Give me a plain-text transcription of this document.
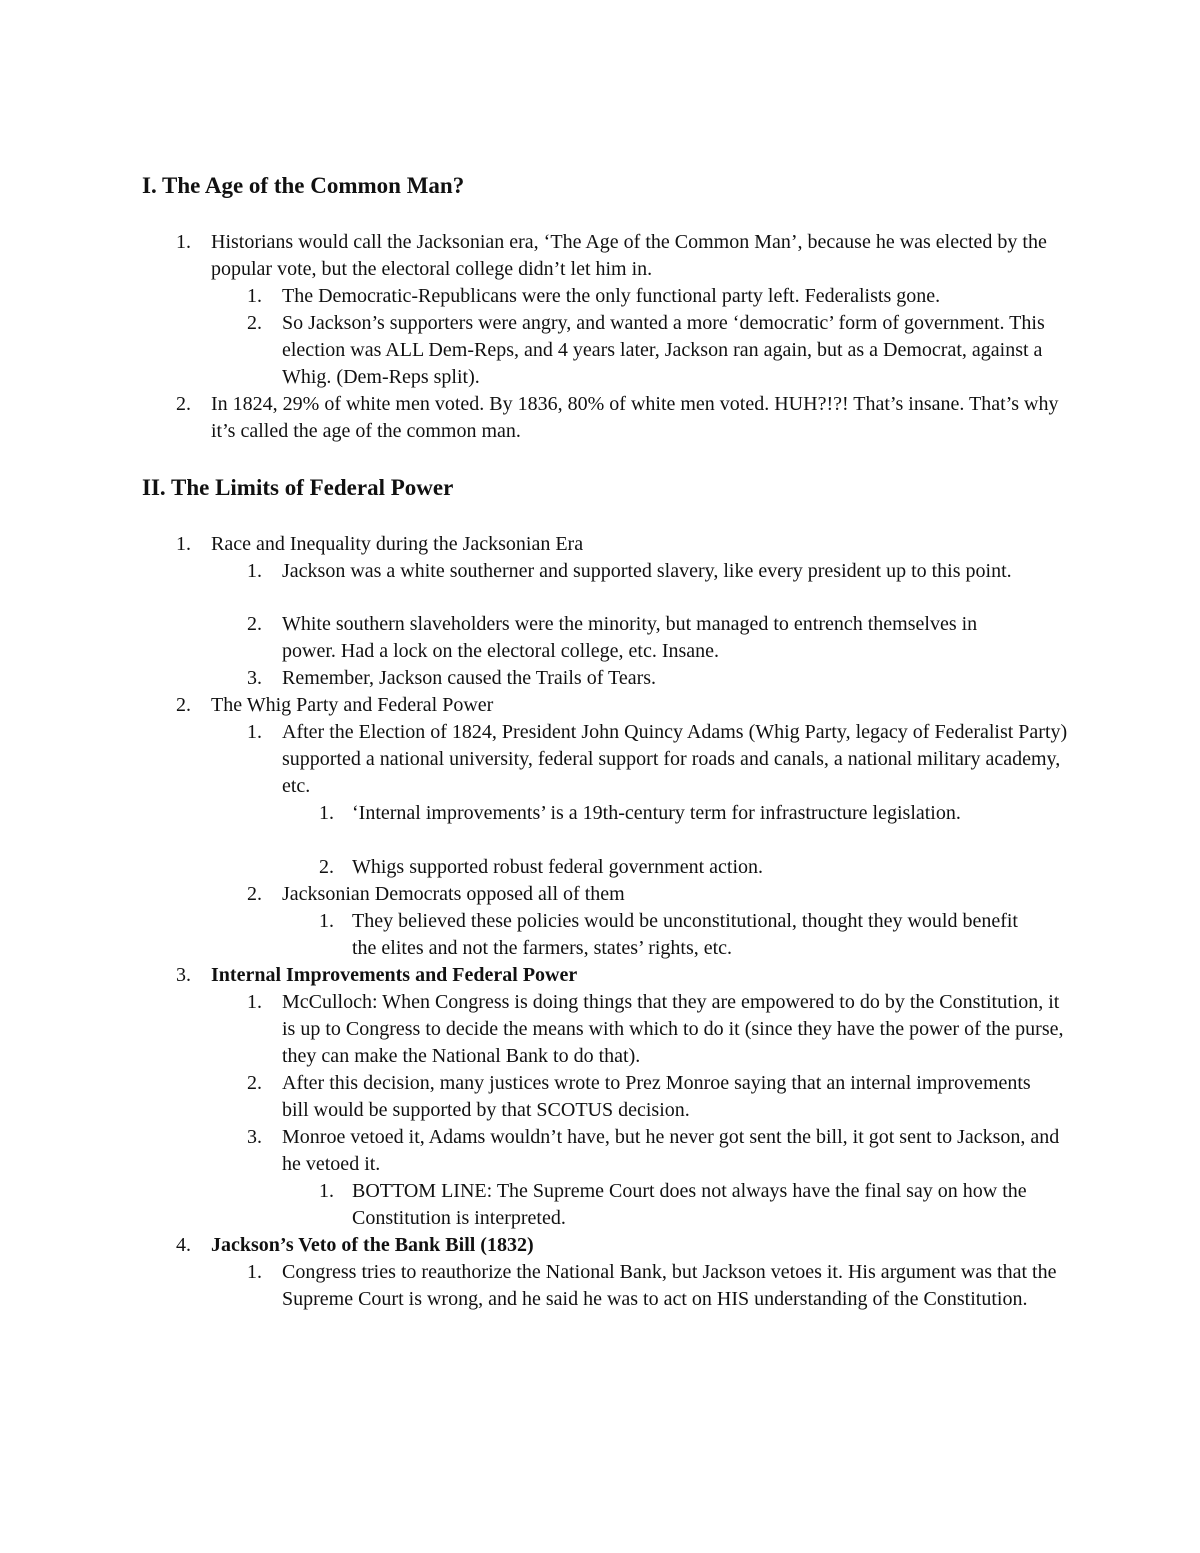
I. The Age of the Common Man?
1. Historians would call the Jacksonian era, ‘The Age of the Common Man’, because he was elected by the popular vote, but the electoral college didn’t let him in.
1. The Democratic-Republicans were the only functional party left. Federalists gone.
2. So Jackson’s supporters were angry, and wanted a more ‘democratic’ form of government. This election was ALL Dem-Reps, and 4 years later, Jackson ran again, but as a Democrat, against a Whig. (Dem-Reps split).
2. In 1824, 29% of white men voted. By 1836, 80% of white men voted. HUH?!?! That’s insane. That’s why it’s called the age of the common man.
II. The Limits of Federal Power
1. Race and Inequality during the Jacksonian Era
1. Jackson was a white southerner and supported slavery, like every president up to this point.
2. White southern slaveholders were the minority, but managed to entrench themselves in power. Had a lock on the electoral college, etc. Insane.
3. Remember, Jackson caused the Trails of Tears.
2. The Whig Party and Federal Power
1. After the Election of 1824, President John Quincy Adams (Whig Party, legacy of Federalist Party) supported a national university, federal support for roads and canals, a national military academy, etc.
1. ‘Internal improvements’ is a 19th-century term for infrastructure legislation.
2. Whigs supported robust federal government action.
2. Jacksonian Democrats opposed all of them
1. They believed these policies would be unconstitutional, thought they would benefit the elites and not the farmers, states’ rights, etc.
3. Internal Improvements and Federal Power
1. McCulloch: When Congress is doing things that they are empowered to do by the Constitution, it is up to Congress to decide the means with which to do it (since they have the power of the purse, they can make the National Bank to do that).
2. After this decision, many justices wrote to Prez Monroe saying that an internal improvements bill would be supported by that SCOTUS decision.
3. Monroe vetoed it, Adams wouldn’t have, but he never got sent the bill, it got sent to Jackson, and he vetoed it.
1. BOTTOM LINE: The Supreme Court does not always have the final say on how the Constitution is interpreted.
4. Jackson’s Veto of the Bank Bill (1832)
1. Congress tries to reauthorize the National Bank, but Jackson vetoes it. His argument was that the Supreme Court is wrong, and he said he was to act on HIS understanding of the Constitution.
